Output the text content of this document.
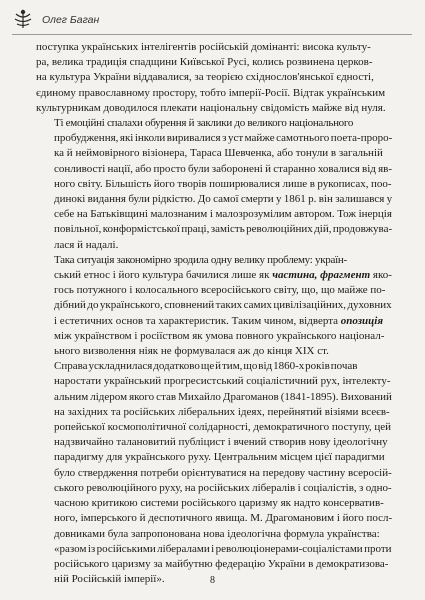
Олег Баган
поступка українських інтелігентів російській домінанті: висока культу-
ра, велика традиція спадщини Київської Русі, колись розвинена церков-
на культура України віддавалися, за теорією східнослов'янської єдності,
єдиному православному простору, тобто імперії-Росії. Відтак українським
культурникам доводилося плекати національну свідомість майже від нуля.
Ті емоційні спалахи обурення й заклики до великого національного
пробудження, які інколи виривалися з уст майже самотнього поета-проро-
ка й неймовірного візіонера, Тараса Шевченка, або тонули в загальній
сонливості нації, або просто були заборонені й старанно ховалися від яв-
ного світу. Більшість його творів поширювалися лише в рукописах, поо-
динокі видання були рідкістю. До самої смерти у 1861 р. він залишався у
себе на Батьківщині малознаним і малозрозумілим автором. Тож інерція
повільної, конформістської праці, замість революційних дій, продовжува-
лася й надалі.
Така ситуація закономірно зродила одну велику проблему: україн-
ський етнос і його культура бачилися лише як частина, фрагмент яко-
гось потужного і колосального всеросійського світу, що, що майже по-
дібний до українського, сповнений таких самих цивілізаційних, духовних
і естетичних основ та характеристик. Таким чином, відверта опозиція
між українством і росіїством як умова повного українського націонал-
ьного визволення ніяк не формувалася аж до кінця XIX ст.
Справа ускладнилася додатково ще й тим, що від 1860-х років почав
наростати український прогресистський соціалістичний рух, інтелекту-
альним лідером якого став Михайло Драгоманов (1841-1895). Вихований
на західних та російських ліберальних ідеях, перейнятий візіями всеєв-
ропейської космополітичної солідарності, демократичного поступу, цей
надзвичайно талановитий публіцист і вчений створив нову ідеологічну
парадигму для українського руху. Центральним місцем цієї парадигми
було ствердження потреби орієнтуватися на передову частину всеросій-
ського революційного руху, на російських лібералів і соціалістів, з одно-
часною критикою системи російського царизму як надто консерватив-
ного, імперського й деспотичного явища. М. Драгомановим і його посл-
довниками була запропонована нова ідеологічна формула українства:
«разом із російськими лібералами і революціонерами-соціалістами проти
російського царизму за майбутню федерацію України в демократизова-
ній Російській імперії».	8
